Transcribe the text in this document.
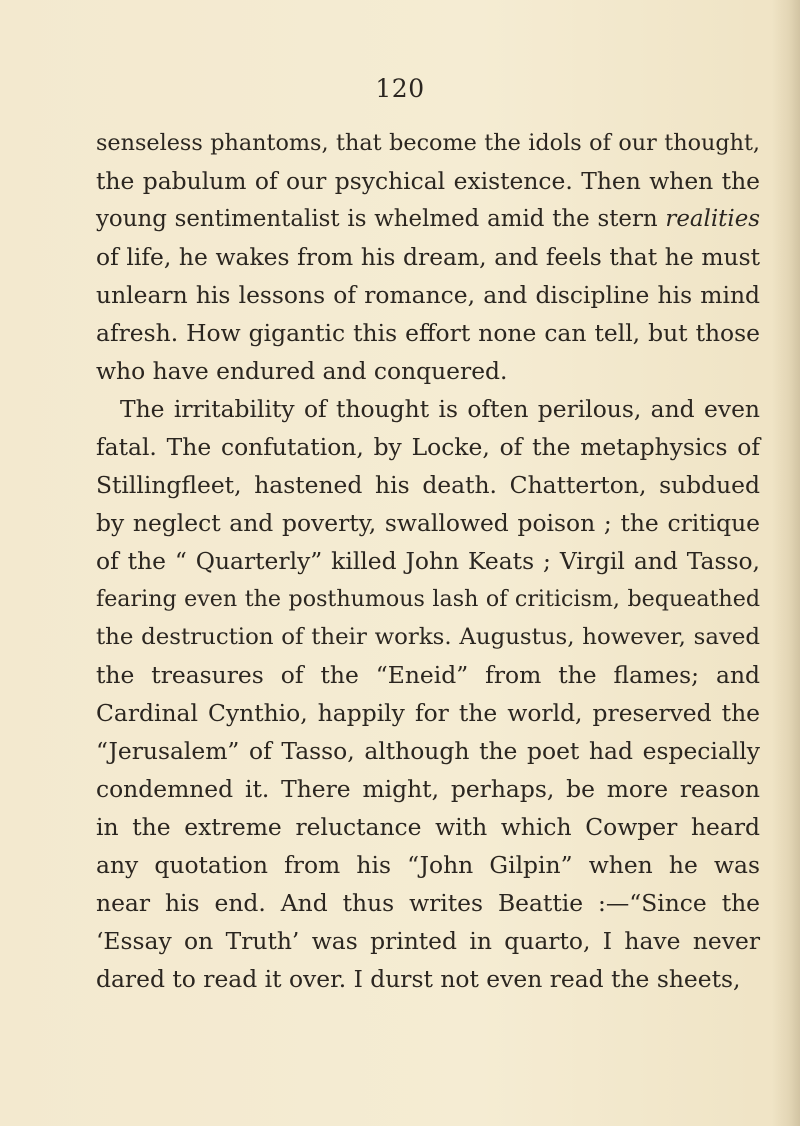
120
senseless phantoms, that become the idols of our thought,
the pabulum of our psychical existence. Then when the
young sentimentalist is whelmed amid the stern realities
of life, he wakes from his dream, and feels that he must
unlearn his lessons of romance, and discipline his mind
afresh. How gigantic this effort none can tell, but those
who have endured and conquered.
The irritability of thought is often perilous, and even
fatal. The confutation, by Locke, of the metaphysics of
Stillingfleet, hastened his death. Chatterton, subdued
by neglect and poverty, swallowed poison ; the critique
of the “ Quarterly” killed John Keats ; Virgil and Tasso,
fearing even the posthumous lash of criticism, bequeathed
the destruction of their works. Augustus, however, saved
the treasures of the “Eneid” from the flames; and
Cardinal Cynthio, happily for the world, preserved the
“Jerusalem” of Tasso, although the poet had especially
condemned it. There might, perhaps, be more reason
in the extreme reluctance with which Cowper heard
any quotation from his “John Gilpin” when he was
near his end. And thus writes Beattie :—“Since the
‘Essay on Truth’ was printed in quarto, I have never
dared to read it over. I durst not even read the sheets,
